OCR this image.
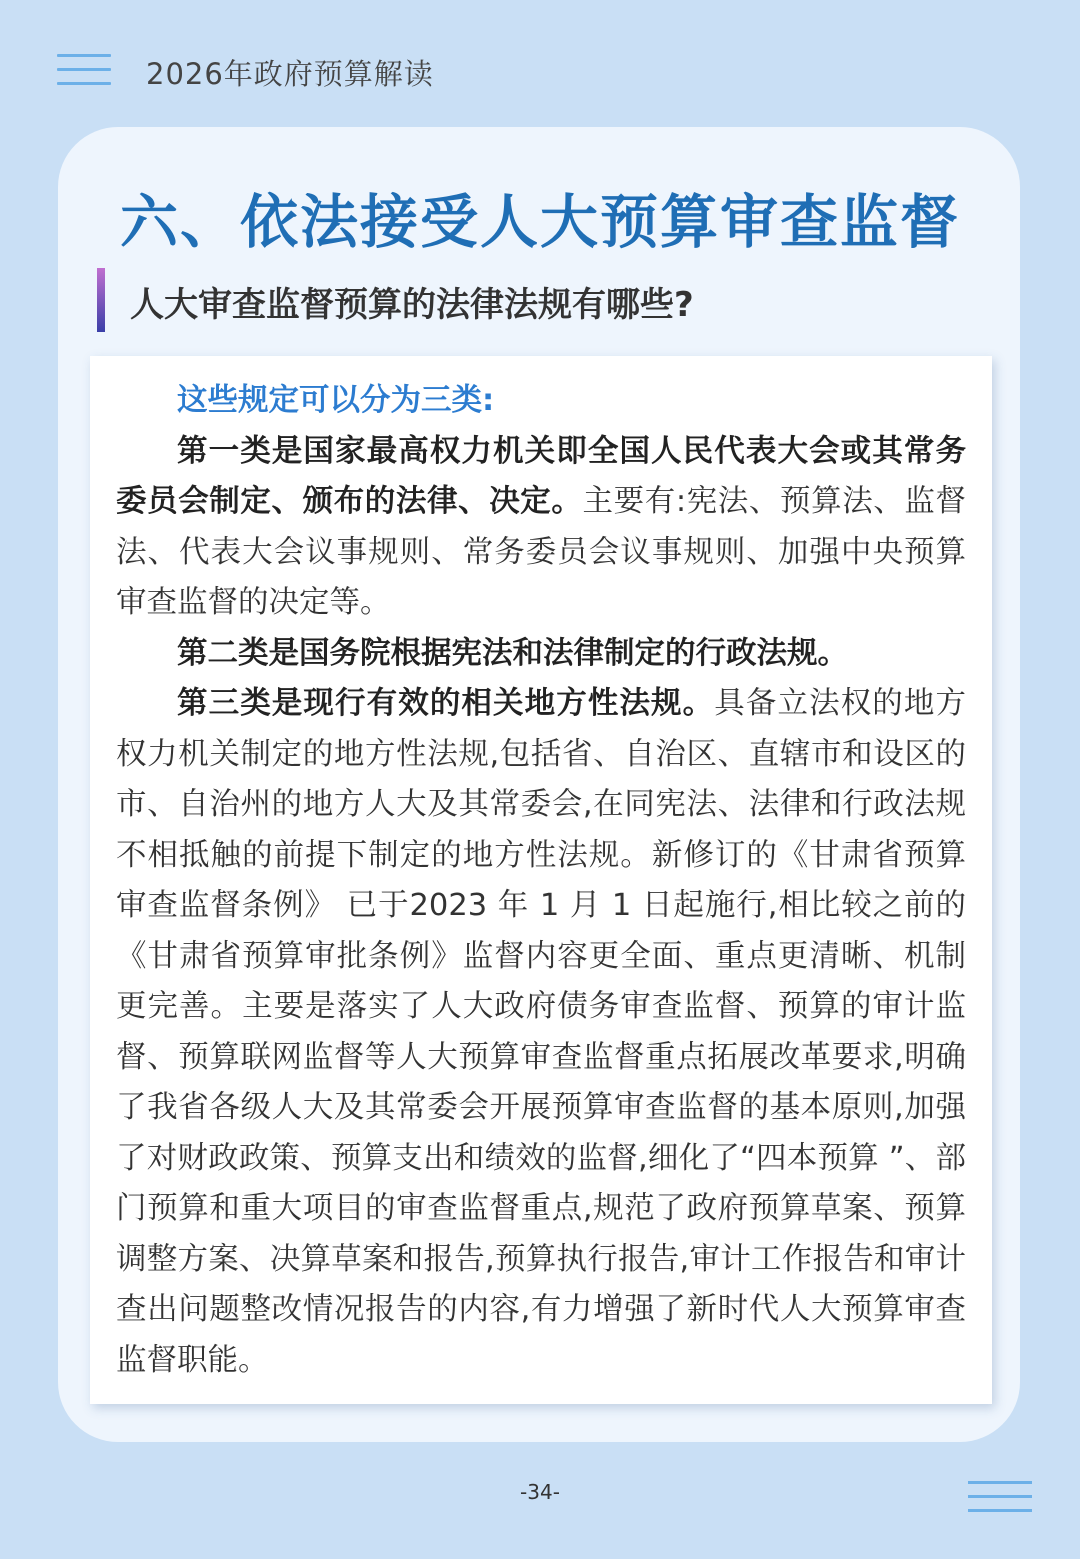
2026年政府预算解读
六、依法接受人大预算审查监督
人大审查监督预算的法律法规有哪些?

这些规定可以分为三类:

第一类是国家最高权力机关即全国人民代表大会或其常务委员会制定、颁布的法律、决定。主要有:宪法、预算法、监督法、代表大会议事规则、常务委员会议事规则、加强中央预算审查监督的决定等。

第二类是国务院根据宪法和法律制定的行政法规。

第三类是现行有效的相关地方性法规。具备立法权的地方权力机关制定的地方性法规,包括省、自治区、直辖市和设区的市、自治州的地方人大及其常委会,在同宪法、法律和行政法规不相抵触的前提下制定的地方性法规。新修订的《甘肃省预算审查监督条例》 已于2023 年 1 月 1 日起施行,相比较之前的《甘肃省预算审批条例》监督内容更全面、重点更清晰、机制更完善。主要是落实了人大政府债务审查监督、预算的审计监督、预算联网监督等人大预算审查监督重点拓展改革要求,明确了我省各级人大及其常委会开展预算审查监督的基本原则,加强了对财政政策、预算支出和绩效的监督,细化了“四本预算 ”、部门预算和重大项目的审查监督重点,规范了政府预算草案、预算调整方案、决算草案和报告,预算执行报告,审计工作报告和审计查出问题整改情况报告的内容,有力增强了新时代人大预算审查监督职能。

-34-
